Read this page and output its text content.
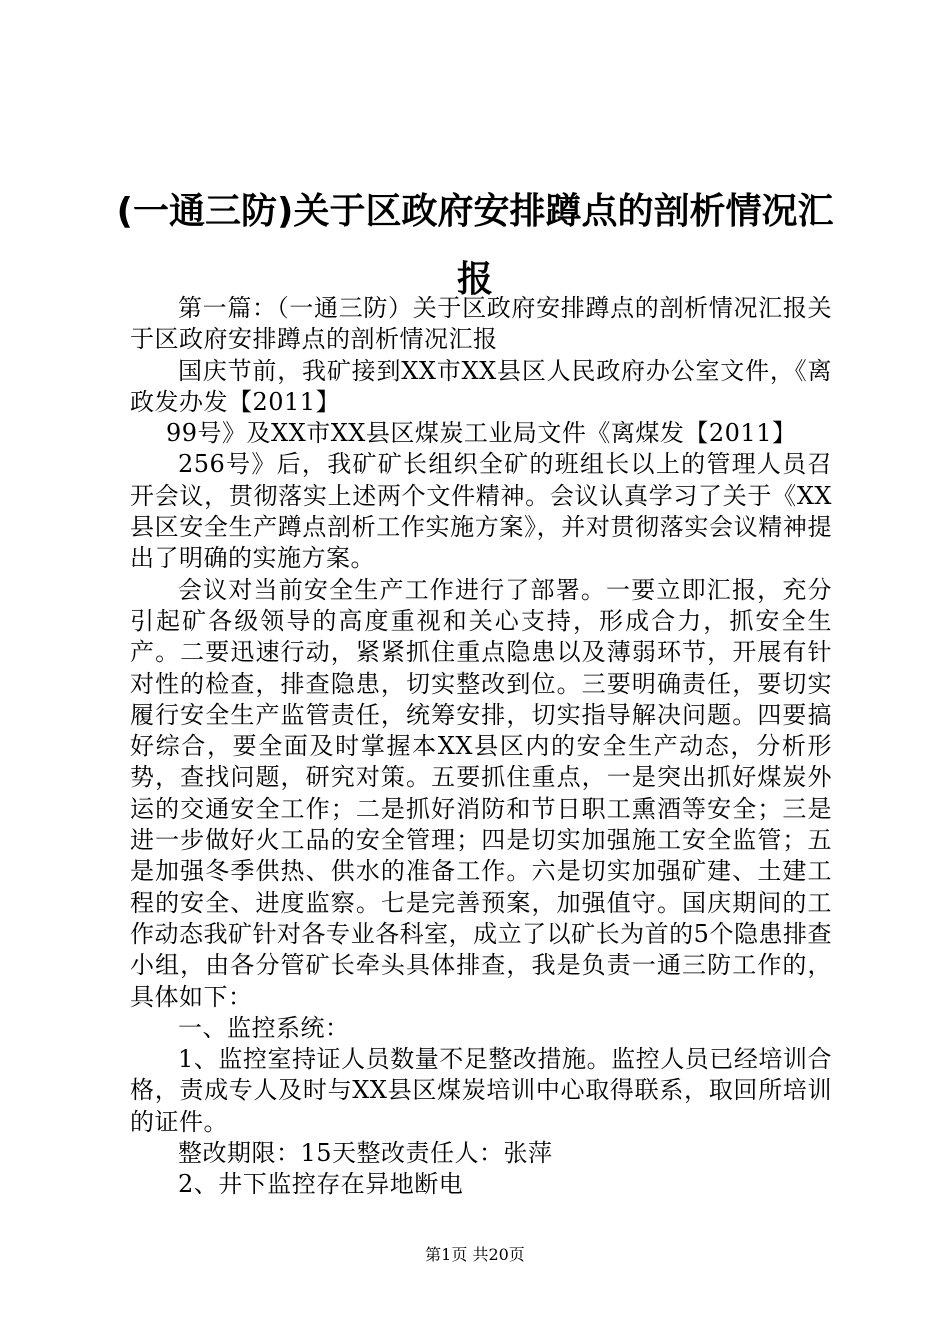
(一通三防)关于区政府安排蹲点的剖析情况汇报

第一篇：（一通三防）关于区政府安排蹲点的剖析情况汇报关于区政府安排蹲点的剖析情况汇报

国庆节前，我矿接到XX市XX县区人民政府办公室文件，《离政发办发【2011】

99号》及XX市XX县区煤炭工业局文件《离煤发【2011】

256号》后，我矿矿长组织全矿的班组长以上的管理人员召开会议，贯彻落实上述两个文件精神。会议认真学习了关于《XX县区安全生产蹲点剖析工作实施方案》，并对贯彻落实会议精神提出了明确的实施方案。

会议对当前安全生产工作进行了部署。一要立即汇报，充分引起矿各级领导的高度重视和关心支持，形成合力，抓安全生产。二要迅速行动，紧紧抓住重点隐患以及薄弱环节，开展有针对性的检查，排查隐患，切实整改到位。三要明确责任，要切实履行安全生产监管责任，统筹安排，切实指导解决问题。四要搞好综合，要全面及时掌握本XX县区内的安全生产动态，分析形势，查找问题，研究对策。五要抓住重点，一是突出抓好煤炭外运的交通安全工作；二是抓好消防和节日职工熏酒等安全；三是进一步做好火工品的安全管理；四是切实加强施工安全监管；五是加强冬季供热、供水的准备工作。六是切实加强矿建、土建工程的安全、进度监察。七是完善预案，加强值守。国庆期间的工作动态我矿针对各专业各科室，成立了以矿长为首的5个隐患排查小组，由各分管矿长牵头具体排查，我是负责一通三防工作的，具体如下：

一、监控系统：

1、监控室持证人员数量不足整改措施。监控人员已经培训合格，责成专人及时与XX县区煤炭培训中心取得联系，取回所培训的证件。

整改期限：15天整改责任人：张萍

2、井下监控存在异地断电

第1页 共20页
